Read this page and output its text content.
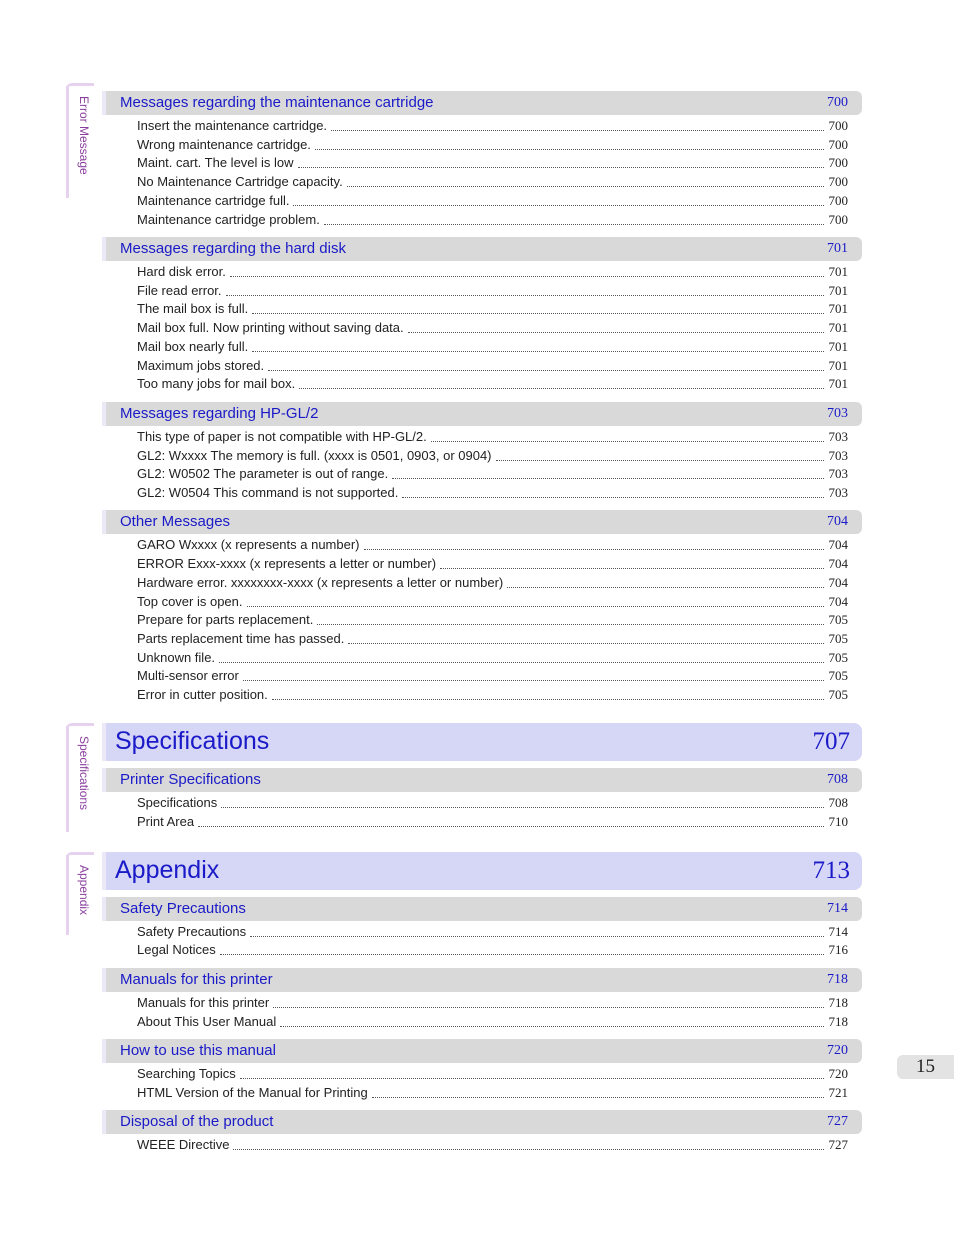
Error Message
Specifications
Appendix
Messages regarding the maintenance cartridge	700
Insert the maintenance cartridge.	700
Wrong maintenance cartridge.	700
Maint. cart. The level is low	700
No Maintenance Cartridge capacity.	700
Maintenance cartridge full.	700
Maintenance cartridge problem.	700
Messages regarding the hard disk	701
Hard disk error.	701
File read error.	701
The mail box is full.	701
Mail box full. Now printing without saving data.	701
Mail box nearly full.	701
Maximum jobs stored.	701
Too many jobs for mail box.	701
Messages regarding HP-GL/2	703
This type of paper is not compatible with HP-GL/2.	703
GL2: Wxxxx The memory is full. (xxxx is 0501, 0903, or 0904)	703
GL2: W0502 The parameter is out of range.	703
GL2: W0504 This command is not supported.	703
Other Messages	704
GARO Wxxxx (x represents a number)	704
ERROR Exxx-xxxx (x represents a letter or number)	704
Hardware error. xxxxxxxx-xxxx (x represents a letter or number)	704
Top cover is open.	704
Prepare for parts replacement.	705
Parts replacement time has passed.	705
Unknown file.	705
Multi-sensor error	705
Error in cutter position.	705
Specifications	707
Printer Specifications	708
Specifications	708
Print Area	710
Appendix	713
Safety Precautions	714
Safety Precautions	714
Legal Notices	716
Manuals for this printer	718
Manuals for this printer	718
About This User Manual	718
How to use this manual	720
Searching Topics	720
HTML Version of the Manual for Printing	721
Disposal of the product	727
WEEE Directive	727
15
